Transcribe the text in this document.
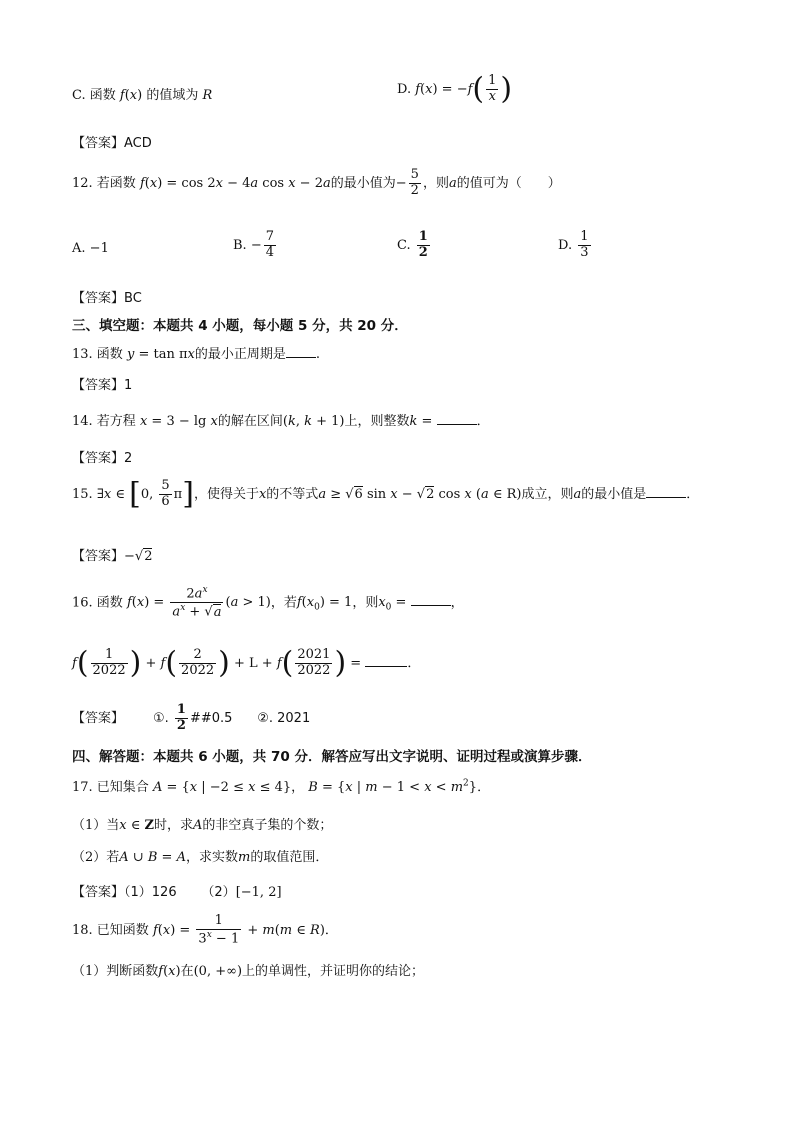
C. 函数 f(x) 的值域为 R	D. $f(x) = -f( \frac{1}{x}$ )
【答案】ACD
12. 若函数 f(x) = cos 2x − 4a cos x − 2a的最小值为− $\frac{5}{2}$ ，则a的值可为（　　）
A. −1	B. − $\frac{7}{4}$	C. $\frac{1}{2}$	D. $\frac{1}{3}$
【答案】BC
三、填空题：本题共 4 小题，每小题 5 分，共 20 分．
13. 函数 y = tan πx的最小正周期是 .
【答案】1
14. 若方程 x = 3 − lg x的解在区间(k, k + 1)上，则整数k =	．
【答案】2
15. ∃x ∈ [0, $\frac{5}{6} \pi$]，使得关于x的不等式a ≥ √6 sin x − √2 cos x (a ∈ R)成立，则a的最小值是	．
【答案】−√2
16. 函数 $f(x) = \frac{2a^x}{a^x + √a} (a > 1)$，若$f(x_0) = 1$，则$x_0$ =	，
$f( \frac{1}{2022}$ ) + $f( \frac{2}{2022}$ ) + $L + f( \frac{2021}{2022}$ ) =	．
【答案】 ①. $\frac{1}{2}$ ##0.5 ②. 2021
四、解答题：本题共 6 小题，共 70 分．解答应写出文字说明、证明过程或演算步骤．
17. 已知集合 A = {x | −2 ≤ x ≤ 4}， B = {x | $m - 1 < x < m^2$}．
（1）当x ∈ Z时，求A的非空真子集的个数；
（2）若A ∪ B = A，求实数m的取值范围．
【答案】（1）126 （2）[−1, 2]
18. 已知函数 $f(x) = \frac{1}{3^x - 1} + m(m$ ∈ R)．
（1）判断函数f(x)在(0, +∞)上的单调性，并证明你的结论；
